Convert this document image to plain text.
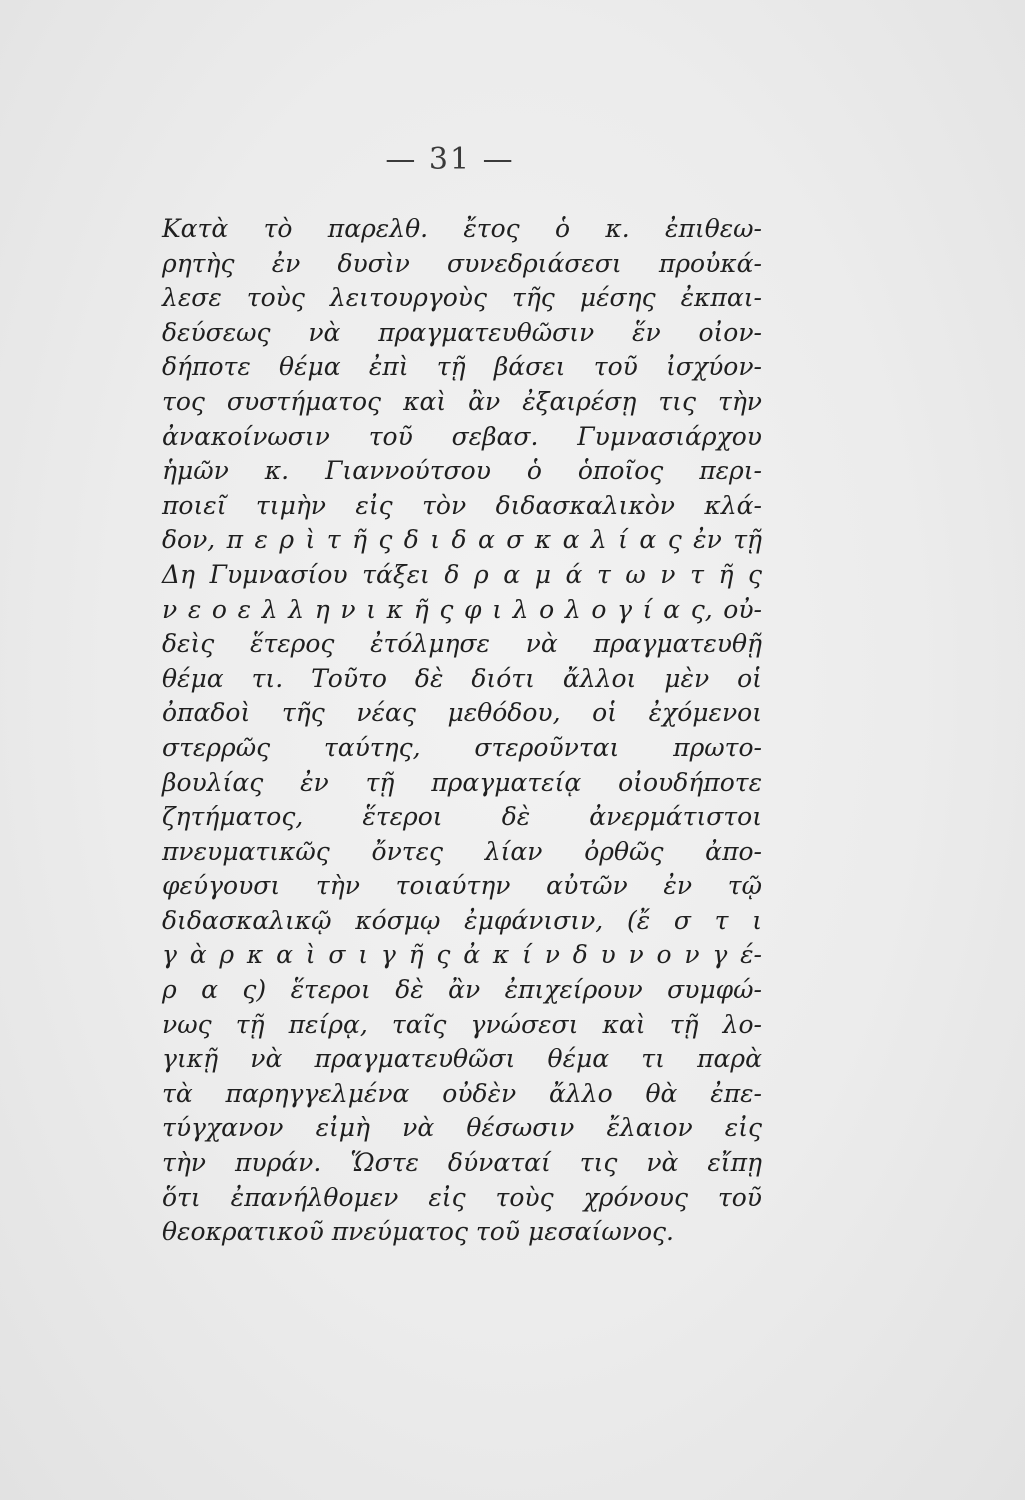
— 31 —
Κατὰ τὸ παρελθ. ἔτος ὁ κ. ἐπιθεω-
ρητὴς ἐν δυσὶν συνεδριάσεσι προὐκά-
λεσε τοὺς λειτουργοὺς τῆς μέσης ἐκπαι-
δεύσεως νὰ πραγματευθῶσιν ἕν οἰον-
δήποτε θέμα ἐπὶ τῇ βάσει τοῦ ἰσχύον-
τος συστήματος καὶ ἂν ἐξαιρέσῃ τις τὴν
ἀνακοίνωσιν τοῦ σεβασ. Γυμνασιάρχου
ἡμῶν κ. Γιαννούτσου ὁ ὁποῖος περι-
ποιεῖ τιμὴν εἰς τὸν διδασκαλικὸν κλά-
δον, π ε ρ ὶ τ ῆ ς δ ι δ α σ κ α λ ί α ς ἐν τῇ
Δη Γυμνασίου τάξει δ ρ α μ ά τ ω ν τ ῆ ς
ν ε ο ε λ λ η ν ι κ ῆ ς φ ι λ ο λ ο γ ί α ς, οὐ-
δεὶς ἕτερος ἐτόλμησε νὰ πραγματευθῇ
θέμα τι. Τοῦτο δὲ διότι ἄλλοι μὲν οἱ
ὀπαδοὶ τῆς νέας μεθόδου, οἱ ἐχόμενοι
στερρῶς ταύτης, στεροῦνται πρωτο-
βουλίας ἐν τῇ πραγματείᾳ οἰουδήποτε
ζητήματος, ἕτεροι δὲ ἀνερμάτιστοι
πνευματικῶς ὄντες λίαν ὀρθῶς ἀπο-
φεύγουσι τὴν τοιαύτην αὐτῶν ἐν τῷ
διδασκαλικῷ κόσμῳ ἐμφάνισιν, (ἔ σ τ ι
γ ὰ ρ κ α ὶ σ ι γ ῆ ς ἀ κ ί ν δ υ ν ο ν γ έ-
ρ α ς) ἕτεροι δὲ ἂν ἐπιχείρουν συμφώ-
νως τῇ πείρᾳ, ταῖς γνώσεσι καὶ τῇ λο-
γικῇ νὰ πραγματευθῶσι θέμα τι παρὰ
τὰ παρηγγελμένα οὐδὲν ἄλλο θὰ ἐπε-
τύγχανον εἰμὴ νὰ θέσωσιν ἔλαιον εἰς
τὴν πυράν. Ὥστε δύναταί τις νὰ εἴπῃ
ὅτι ἐπανήλθομεν εἰς τοὺς χρόνους τοῦ
θεοκρατικοῦ πνεύματος τοῦ μεσαίωνος.
